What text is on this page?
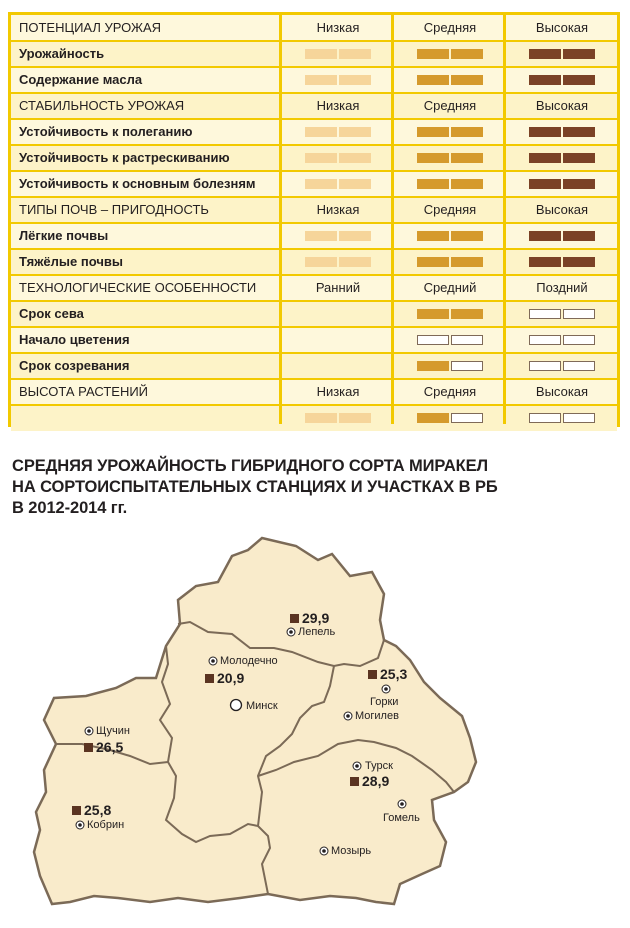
ПОТЕНЦИАЛ УРОЖАЯ	Низкая	Средняя	Высокая
Урожайность
Содержание масла
СТАБИЛЬНОСТЬ УРОЖАЯ	Низкая	Средняя	Высокая
Устойчивость к полеганию
Устойчивость к растрескиванию
Устойчивость к основным болезням
ТИПЫ ПОЧВ – ПРИГОДНОСТЬ	Низкая	Средняя	Высокая
Лёгкие почвы
Тяжёлые почвы
ТЕХНОЛОГИЧЕСКИЕ ОСОБЕННОСТИ	Ранний	Средний	Поздний
Срок сева
Начало цветения
Срок созревания
ВЫСОТА РАСТЕНИЙ	Низкая	Средняя	Высокая
СРЕДНЯЯ УРОЖАЙНОСТЬ ГИБРИДНОГО СОРТА МИРАКЕЛ
НА СОРТОИСПЫТАТЕЛЬНЫХ СТАНЦИЯХ И УЧАСТКАХ В РБ
В 2012-2014 гг.
Лепель
29,9
Молодечно
20,9
Минск
25,3
Горки
Могилев
Щучин
26,5
Турск
28,9
Гомель
25,8
Кобрин
Мозырь
